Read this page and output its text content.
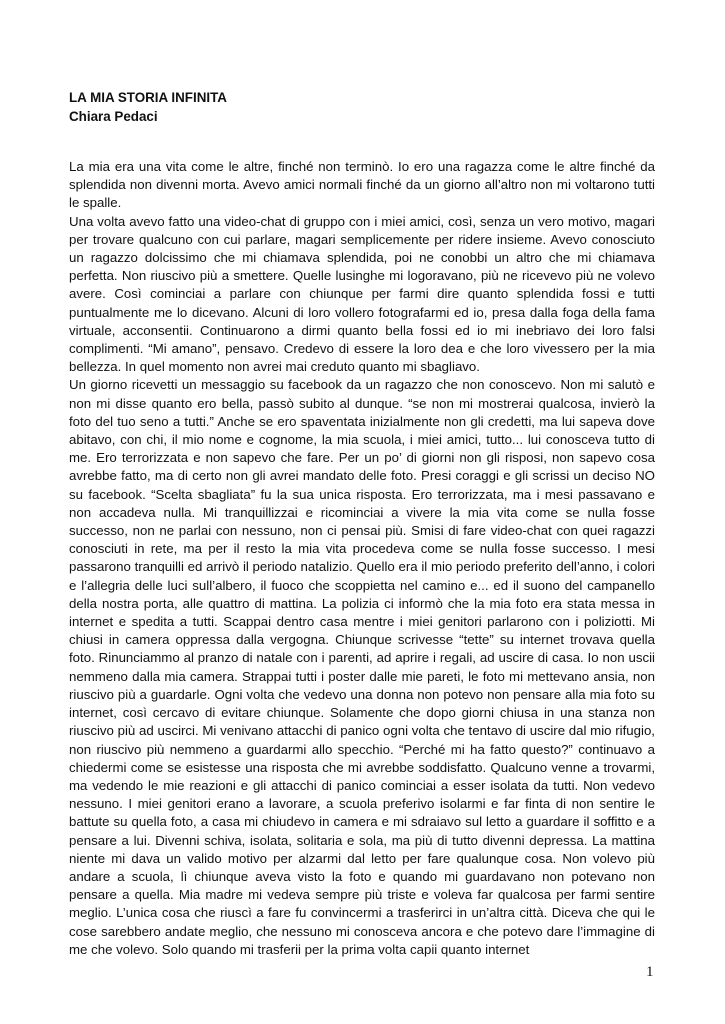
LA MIA STORIA INFINITA
Chiara Pedaci

La mia era una vita come le altre, finché non terminò. Io ero una ragazza come le altre finché da splendida non divenni morta. Avevo amici normali finché da un giorno all’altro non mi voltarono tutti le spalle.

Una volta avevo fatto una video-chat di gruppo con i miei amici, così, senza un vero motivo, magari per trovare qualcuno con cui parlare, magari semplicemente per ridere insieme. Avevo conosciuto un ragazzo dolcissimo che mi chiamava splendida, poi ne conobbi un altro che mi chiamava perfetta. Non riuscivo più a smettere. Quelle lusinghe mi logoravano, più ne ricevevo più ne volevo avere. Così cominciai a parlare con chiunque per farmi dire quanto splendida fossi e tutti puntualmente me lo dicevano. Alcuni di loro vollero fotografarmi ed io, presa dalla foga della fama virtuale, acconsentii. Continuarono a dirmi quanto bella fossi ed io mi inebriavo dei loro falsi complimenti. “Mi amano”, pensavo. Credevo di essere la loro dea e che loro vivessero per la mia bellezza. In quel momento non avrei mai creduto quanto mi sbagliavo.

Un giorno ricevetti un messaggio su facebook da un ragazzo che non conoscevo. Non mi salutò e non mi disse quanto ero bella, passò subito al dunque. “se non mi mostrerai qualcosa, invierò la foto del tuo seno a tutti.” Anche se ero spaventata inizialmente non gli credetti, ma lui sapeva dove abitavo, con chi, il mio nome e cognome, la mia scuola, i miei amici, tutto... lui conosceva tutto di me. Ero terrorizzata e non sapevo che fare. Per un po’ di giorni non gli risposi, non sapevo cosa avrebbe fatto, ma di certo non gli avrei mandato delle foto. Presi coraggi e gli scrissi un deciso NO su facebook. “Scelta sbagliata” fu la sua unica risposta. Ero terrorizzata, ma i mesi passavano e non accadeva nulla. Mi tranquillizzai e ricominciai a vivere la mia vita come se nulla fosse successo, non ne parlai con nessuno, non ci pensai più. Smisi di fare video-chat con quei ragazzi conosciuti in rete, ma per il resto la mia vita procedeva come se nulla fosse successo. I mesi passarono tranquilli ed arrivò il periodo natalizio. Quello era il mio periodo preferito dell’anno, i colori e l’allegria delle luci sull’albero, il fuoco che scoppietta nel camino e... ed il suono del campanello della nostra porta, alle quattro di mattina. La polizia ci informò che la mia foto era stata messa in internet e spedita a tutti. Scappai dentro casa mentre i miei genitori parlarono con i poliziotti. Mi chiusi in camera oppressa dalla vergogna. Chiunque scrivesse “tette” su internet trovava quella foto. Rinunciammo al pranzo di natale con i parenti, ad aprire i regali, ad uscire di casa. Io non uscii nemmeno dalla mia camera. Strappai tutti i poster dalle mie pareti, le foto mi mettevano ansia, non riuscivo più a guardarle. Ogni volta che vedevo una donna non potevo non pensare alla mia foto su internet, così cercavo di evitare chiunque. Solamente che dopo giorni chiusa in una stanza non riuscivo più ad uscirci. Mi venivano attacchi di panico ogni volta che tentavo di uscire dal mio rifugio, non riuscivo più nemmeno a guardarmi allo specchio. “Perché mi ha fatto questo?” continuavo a chiedermi come se esistesse una risposta che mi avrebbe soddisfatto. Qualcuno venne a trovarmi, ma vedendo le mie reazioni e gli attacchi di panico cominciai a esser isolata da tutti. Non vedevo nessuno. I miei genitori erano a lavorare, a scuola preferivo isolarmi e far finta di non sentire le battute su quella foto, a casa mi chiudevo in camera e mi sdraiavo sul letto a guardare il soffitto e a pensare a lui. Divenni schiva, isolata, solitaria e sola, ma più di tutto divenni depressa. La mattina niente mi dava un valido motivo per alzarmi dal letto per fare qualunque cosa. Non volevo più andare a scuola, lì chiunque aveva visto la foto e quando mi guardavano non potevano non pensare a quella. Mia madre mi vedeva sempre più triste e voleva far qualcosa per farmi sentire meglio. L’unica cosa che riuscì a fare fu convincermi a trasferirci in un’altra città. Diceva che qui le cose sarebbero andate meglio, che nessuno mi conosceva ancora e che potevo dare l’immagine di me che volevo. Solo quando mi trasferii per la prima volta capii quanto internet

1
